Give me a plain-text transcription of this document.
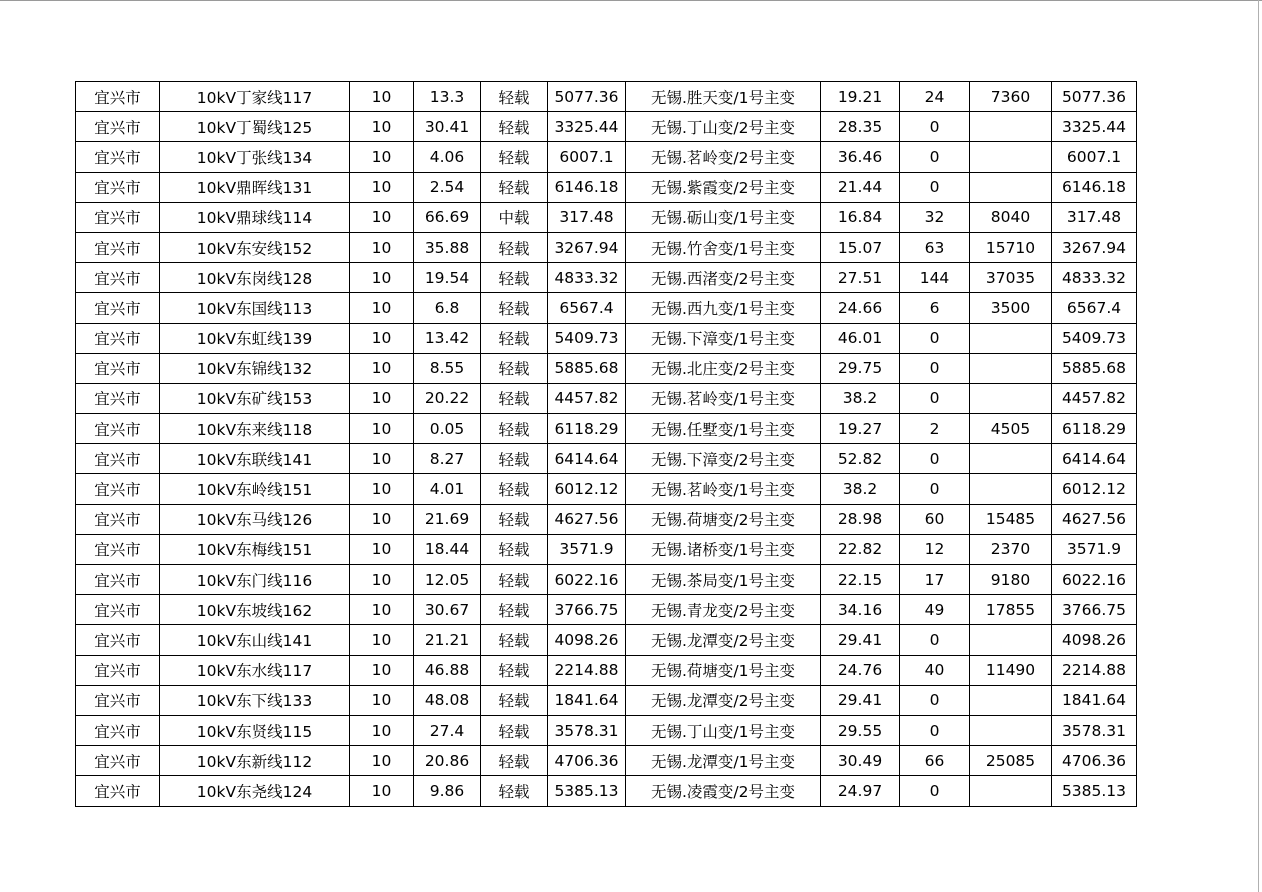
宜兴市	10kV丁家线117	10	13.3	轻载	5077.36	无锡.胜天变/1号主变	19.21	24	7360	5077.36
宜兴市	10kV丁蜀线125	10	30.41	轻载	3325.44	无锡.丁山变/2号主变	28.35	0		3325.44
宜兴市	10kV丁张线134	10	4.06	轻载	6007.1	无锡.茗岭变/2号主变	36.46	0		6007.1
宜兴市	10kV鼎晖线131	10	2.54	轻载	6146.18	无锡.紫霞变/2号主变	21.44	0		6146.18
宜兴市	10kV鼎球线114	10	66.69	中载	317.48	无锡.砺山变/1号主变	16.84	32	8040	317.48
宜兴市	10kV东安线152	10	35.88	轻载	3267.94	无锡.竹舍变/1号主变	15.07	63	15710	3267.94
宜兴市	10kV东岗线128	10	19.54	轻载	4833.32	无锡.西渚变/2号主变	27.51	144	37035	4833.32
宜兴市	10kV东国线113	10	6.8	轻载	6567.4	无锡.西九变/1号主变	24.66	6	3500	6567.4
宜兴市	10kV东虹线139	10	13.42	轻载	5409.73	无锡.下漳变/1号主变	46.01	0		5409.73
宜兴市	10kV东锦线132	10	8.55	轻载	5885.68	无锡.北庄变/2号主变	29.75	0		5885.68
宜兴市	10kV东矿线153	10	20.22	轻载	4457.82	无锡.茗岭变/1号主变	38.2	0		4457.82
宜兴市	10kV东来线118	10	0.05	轻载	6118.29	无锡.任墅变/1号主变	19.27	2	4505	6118.29
宜兴市	10kV东联线141	10	8.27	轻载	6414.64	无锡.下漳变/2号主变	52.82	0		6414.64
宜兴市	10kV东岭线151	10	4.01	轻载	6012.12	无锡.茗岭变/1号主变	38.2	0		6012.12
宜兴市	10kV东马线126	10	21.69	轻载	4627.56	无锡.荷塘变/2号主变	28.98	60	15485	4627.56
宜兴市	10kV东梅线151	10	18.44	轻载	3571.9	无锡.诸桥变/1号主变	22.82	12	2370	3571.9
宜兴市	10kV东门线116	10	12.05	轻载	6022.16	无锡.茶局变/1号主变	22.15	17	9180	6022.16
宜兴市	10kV东坡线162	10	30.67	轻载	3766.75	无锡.青龙变/2号主变	34.16	49	17855	3766.75
宜兴市	10kV东山线141	10	21.21	轻载	4098.26	无锡.龙潭变/2号主变	29.41	0		4098.26
宜兴市	10kV东水线117	10	46.88	轻载	2214.88	无锡.荷塘变/1号主变	24.76	40	11490	2214.88
宜兴市	10kV东下线133	10	48.08	轻载	1841.64	无锡.龙潭变/2号主变	29.41	0		1841.64
宜兴市	10kV东贤线115	10	27.4	轻载	3578.31	无锡.丁山变/1号主变	29.55	0		3578.31
宜兴市	10kV东新线112	10	20.86	轻载	4706.36	无锡.龙潭变/1号主变	30.49	66	25085	4706.36
宜兴市	10kV东尧线124	10	9.86	轻载	5385.13	无锡.凌霞变/2号主变	24.97	0		5385.13
